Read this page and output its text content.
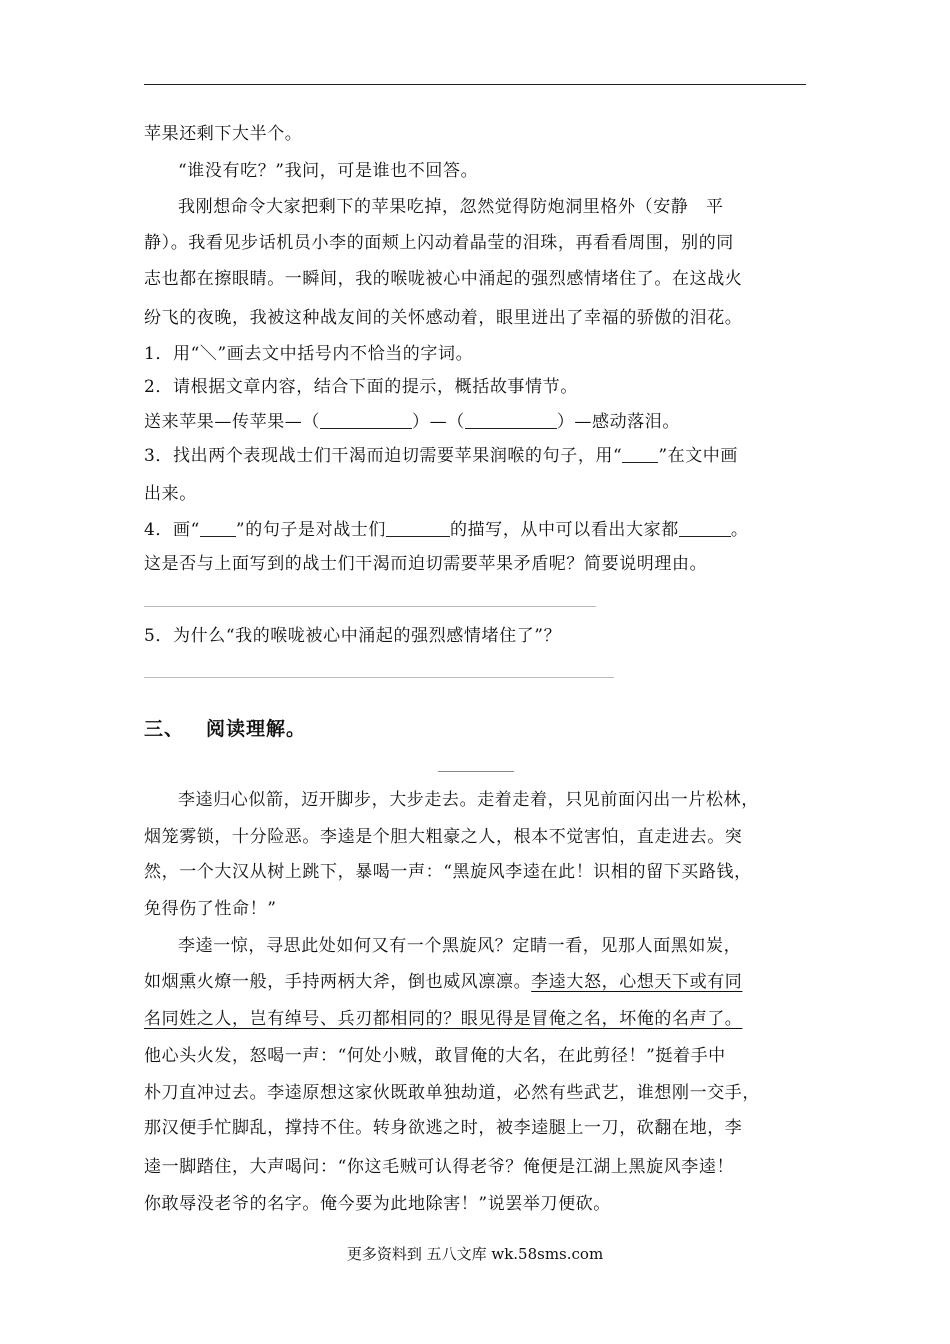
苹果还剩下大半个。
“谁没有吃？”我问，可是谁也不回答。
我刚想命令大家把剩下的苹果吃掉，忽然觉得防炮洞里格外（安静　平
静）。我看见步话机员小李的面颊上闪动着晶莹的泪珠，再看看周围，别的同
志也都在擦眼睛。一瞬间，我的喉咙被心中涌起的强烈感情堵住了。在这战火
纷飞的夜晚，我被这种战友间的关怀感动着，眼里迸出了幸福的骄傲的泪花。
1．用“＼”画去文中括号内不恰当的字词。
2．请根据文章内容，结合下面的提示，概括故事情节。
送来苹果—传苹果—（	）—（	）—感动落泪。
3．找出两个表现战士们干渴而迫切需要苹果润喉的句子，用“ ”在文中画
出来。
4．画“ ”的句子是对战士们	的描写，从中可以看出大家都	。
这是否与上面写到的战士们干渴而迫切需要苹果矛盾呢？简要说明理由。
5．为什么“我的喉咙被心中涌起的强烈感情堵住了”？
三、 阅读理解。
李逵归心似箭，迈开脚步，大步走去。走着走着，只见前面闪出一片松林，
烟笼雾锁，十分险恶。李逵是个胆大粗豪之人，根本不觉害怕，直走进去。突
然，一个大汉从树上跳下，暴喝一声：“黑旋风李逵在此！识相的留下买路钱，
免得伤了性命！”
李逵一惊，寻思此处如何又有一个黑旋风？定睛一看，见那人面黑如炭，
如烟熏火燎一般，手持两柄大斧，倒也威风凛凛。李逵大怒，心想天下或有同
名同姓之人，岂有绰号、兵刃都相同的？眼见得是冒俺之名，坏俺的名声了。
他心头火发，怒喝一声：“何处小贼，敢冒俺的大名，在此剪径！”挺着手中
朴刀直冲过去。李逵原想这家伙既敢单独劫道，必然有些武艺，谁想刚一交手，
那汉便手忙脚乱，撑持不住。转身欲逃之时，被李逵腿上一刀，砍翻在地，李
逵一脚踏住，大声喝问：“你这毛贼可认得老爷？俺便是江湖上黑旋风李逵！
你敢辱没老爷的名字。俺今要为此地除害！”说罢举刀便砍。
更多资料到 五八文库 wk.58sms.com
